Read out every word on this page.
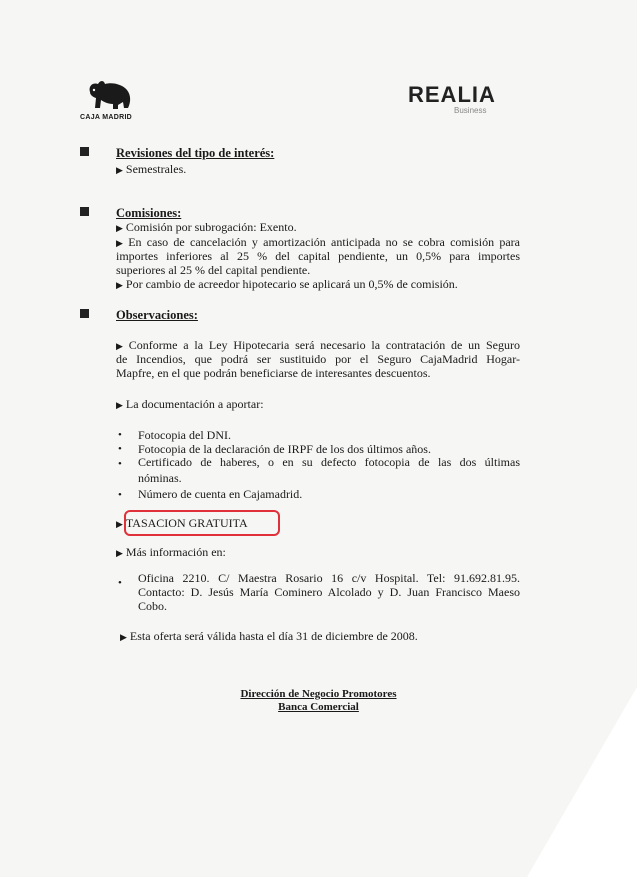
CAJA MADRID
REALIA
Business
Revisiones del tipo de interés:
▶ Semestrales.
Comisiones:
▶ Comisión por subrogación: Exento.
▶ En caso de cancelación y amortización anticipada no se cobra comisión para
importes inferiores al 25 % del capital pendiente, un 0,5% para importes
superiores al 25 % del capital pendiente.
▶ Por cambio de acreedor hipotecario se aplicará un 0,5% de comisión.
Observaciones:
▶ Conforme a la Ley Hipotecaria será necesario la contratación de un Seguro
de Incendios, que podrá ser sustituido por el Seguro CajaMadrid Hogar-
Mapfre, en el que podrán beneficiarse de interesantes descuentos.
▶ La documentación a aportar:
• Fotocopia del DNI.
• Fotocopia de la declaración de IRPF de los dos últimos años.
• Certificado de haberes, o en su defecto fotocopia de las dos últimas
nóminas.
• Número de cuenta en Cajamadrid.
▶ TASACION GRATUITA
▶ Más información en:
• Oficina 2210. C/ Maestra Rosario 16 c/v Hospital. Tel: 91.692.81.95.
Contacto: D. Jesús María Cominero Alcolado y D. Juan Francisco Maeso
Cobo.
▶ Esta oferta será válida hasta el día 31 de diciembre de 2008.
Dirección de Negocio Promotores
Banca Comercial
